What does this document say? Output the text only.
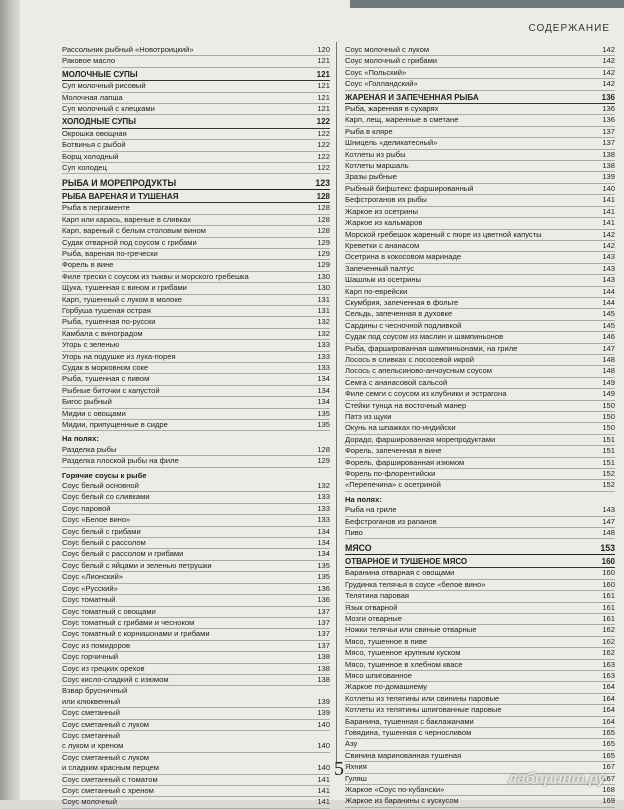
СОДЕРЖАНИЕ
Рассольник рыбный «Новотроицкий»	120
Раковое масло	121
МОЛОЧНЫЕ СУПЫ	121
Суп молочный рисовый	121
Молочная лапша	121
Суп молочный с клецками	121
ХОЛОДНЫЕ СУПЫ	122
Окрошка овощная	122
Ботвинья с рыбой	122
Борщ холодный	122
Суп холодец	122
РЫБА И МОРЕПРОДУКТЫ	123
РЫБА ВАРЕНАЯ И ТУШЕНАЯ	128
Рыба в пергаменте	128
Карп или карась, вареные в сливках	128
Карп, вареный с белым столовым вином	128
Судак отварной под соусом с грибами	129
Рыба, вареная по-гречески	129
Форель в вине	129
Филе трески с соусом из тыквы и морского гребешка	130
Щука, тушенная с вином и грибами	130
Карп, тушенный с луком в молоке	131
Горбуша тушеная острая	131
Рыба, тушенная по-русски	132
Камбала с виноградом	132
Угорь с зеленью	133
Угорь на подушке из лука-порея	133
Судак в морковном соке	133
Рыба, тушенная с пивом	134
Рыбные биточки с капустой	134
Бигос рыбный	134
Мидии с овощами	135
Мидии, припущенные в сидре	135
На полях:
Разделка рыбы	128
Разделка плоской рыбы на филе	129
Горячие соусы к рыбе
Соус белый основной	132
Соус белый со сливками	133
Соус паровой	133
Соус «Белое вино»	133
Соус белый с грибами	134
Соус белый с рассолом	134
Соус белый с рассолом и грибами	134
Соус белый с яйцами и зеленью петрушки	135
Соус «Лионский»	135
Соус «Русский»	136
Соус томатный	136
Соус томатный с овощами	137
Соус томатный с грибами и чесноком	137
Соус томатный с корнишонами и грибами	137
Соус из помидоров	137
Соус горчичный	138
Соус из грецких орехов	138
Соус кисло-сладкий с изюмом	138
Взвар брусничный
или клюквенный	139
Соус сметанный	139
Соус сметанный с луком	140
Соус сметанный
с луком и хреном	140
Соус сметанный с луком
и сладким красным перцем	140
Соус сметанный с томатом	141
Соус сметанный с хреном	141
Соус молочный	141
Соус молочный с луком	142
Соус молочный с грибами	142
Соус «Польский»	142
Соус «Голландский»	142
ЖАРЕНАЯ И ЗАПЕЧЕННАЯ РЫБА	136
Рыба, жаренная в сухарях	136
Карп, лещ, жаренные в сметане	136
Рыба в кляре	137
Шницель «деликатесный»	137
Котлеты из рыбы	138
Котлеты маршаль	138
Зразы рыбные	139
Рыбный бифштекс фаршированный	140
Бефстроганов из рыбы	141
Жаркое из осетрины	141
Жаркое из кальмаров	141
Морской гребешок жареный с пюре из цветной капусты	142
Креветки с ананасом	142
Осетрина в кокосовом маринаде	143
Запеченный палтус	143
Шашлык из осетрины	143
Карп по-еврейски	144
Скумбрия, запеченная в фольге	144
Сельдь, запеченная в духовке	145
Сардины с чесночной подливкой	145
Судак под соусом из маслин и шампиньонов	146
Рыба, фаршированная шампиньонами, на гриле	147
Лосось в сливках с лососевой икрой	148
Лосось с апельсиново-анчоусным соусом	148
Семга с ананасовой сальсой	149
Филе семги с соусом из клубники и эстрагона	149
Стейки тунца на восточный манер	150
Патэ из щуки	150
Окунь на шпажках по-индийски	150
Дорадо, фаршированная морепродуктами	151
Форель, запеченная в вине	151
Форель, фаршированная изюмом	151
Форель по-флорентийски	152
«Перепечина» с осетриной	152
На полях:
Рыба на гриле	143
Бефстроганов из рапанов	147
Пиво	148
МЯСО	153
ОТВАРНОЕ И ТУШЕНОЕ МЯСО	160
Баранина отварная с овощами	160
Грудинка телячья в соусе «белое вино»	160
Телятина паровая	161
Язык отварной	161
Мозги отварные	161
Ножки телячьи или свиные отварные	162
Мясо, тушенное в пиве	162
Мясо, тушенное крупным куском	162
Мясо, тушенное в хлебном квасе	163
Мясо шпигованное	163
Жаркое по-домашнему	164
Котлеты из телятины или свинины паровые	164
Котлеты из телятины шпигованные паровые	164
Баранина, тушенная с баклажанами	164
Говядина, тушенная с черносливом	165
Азу	165
Свинина маринованная тушеная	165
Яхния	167
Гуляш	167
Жаркое «Соус по-кубански»	168
Жаркое из баранины с кускусом	169
5	лабиринт.ру
